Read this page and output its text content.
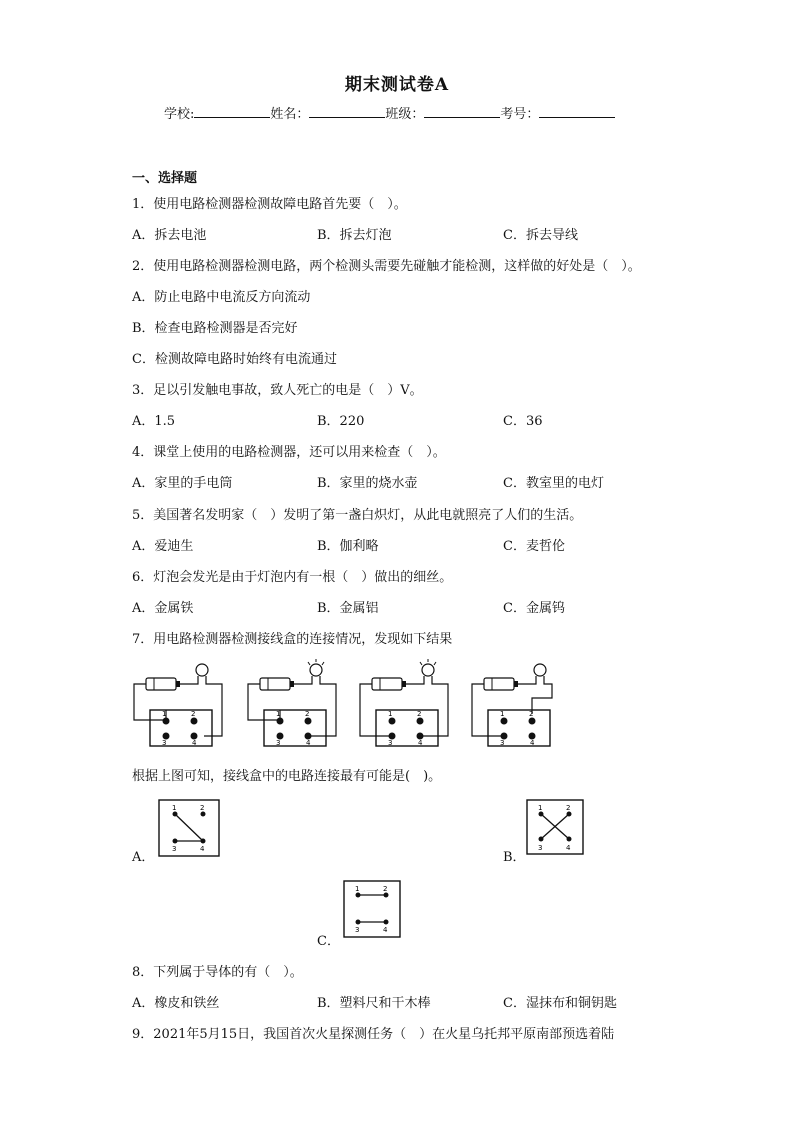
期末测试卷A
学校:	姓名：	班级：	考号：
一、选择题
1．使用电路检测器检测故障电路首先要（　）。
A．拆去电池	B．拆去灯泡	C．拆去导线
2．使用电路检测器检测电路，两个检测头需要先碰触才能检测，这样做的好处是（　）。
A．防止电路中电流反方向流动
B．检查电路检测器是否完好
C．检测故障电路时始终有电流通过
3．足以引发触电事故，致人死亡的电是（　）V。
A．1.5	B．220	C．36
4．课堂上使用的电路检测器，还可以用来检查（　）。
A．家里的手电筒	B．家里的烧水壶	C．教室里的电灯
5．美国著名发明家（　）发明了第一盏白炽灯，从此电就照亮了人们的生活。
A．爱迪生	B．伽利略	C．麦哲伦
6．灯泡会发光是由于灯泡内有一根（　）做出的细丝。
A．金属铁	B．金属铝	C．金属钨
7．用电路检测器检测接线盒的连接情况，发现如下结果
1	2
3	4
1	2
3	4
1	2
3	4
1	2
3	4
根据上图可知，接线盒中的电路连接最有可能是(　)。
A．
1	2
3	4
B．
1	2
3	4
C．
1	2
3	4
8．下列属于导体的有（　）。
A．橡皮和铁丝	B．塑料尺和干木棒	C．湿抹布和铜钥匙
9．2021年5月15日，我国首次火星探测任务（　）在火星乌托邦平原南部预选着陆
